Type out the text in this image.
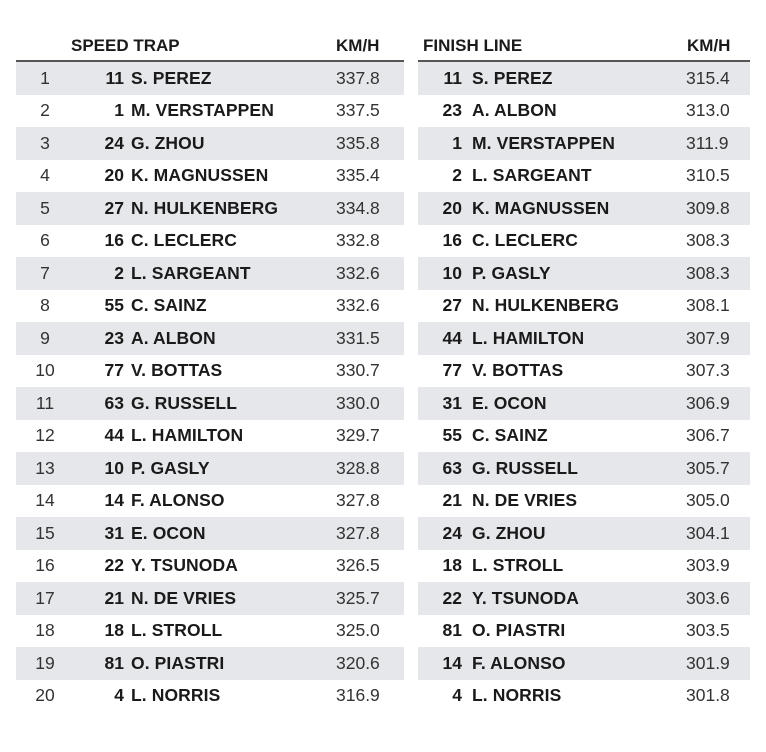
SPEED TRAP	KM/H	FINISH LINE	KM/H
1	11 S. PEREZ	337.8
2	1 M. VERSTAPPEN	337.5
3	24 G. ZHOU	335.8
4	20 K. MAGNUSSEN	335.4
5	27 N. HULKENBERG	334.8
6	16 C. LECLERC	332.8
7	2 L. SARGEANT	332.6
8	55 C. SAINZ	332.6
9	23 A. ALBON	331.5
10	77 V. BOTTAS	330.7
11	63 G. RUSSELL	330.0
12	44 L. HAMILTON	329.7
13	10 P. GASLY	328.8
14	14 F. ALONSO	327.8
15	31 E. OCON	327.8
16	22 Y. TSUNODA	326.5
17	21 N. DE VRIES	325.7
18	18 L. STROLL	325.0
19	81 O. PIASTRI	320.6
20	4 L. NORRIS	316.9
11 S. PEREZ	315.4
23 A. ALBON	313.0
1 M. VERSTAPPEN	311.9
2 L. SARGEANT	310.5
20 K. MAGNUSSEN	309.8
16 C. LECLERC	308.3
10 P. GASLY	308.3
27 N. HULKENBERG	308.1
44 L. HAMILTON	307.9
77 V. BOTTAS	307.3
31 E. OCON	306.9
55 C. SAINZ	306.7
63 G. RUSSELL	305.7
21 N. DE VRIES	305.0
24 G. ZHOU	304.1
18 L. STROLL	303.9
22 Y. TSUNODA	303.6
81 O. PIASTRI	303.5
14 F. ALONSO	301.9
4 L. NORRIS	301.8
